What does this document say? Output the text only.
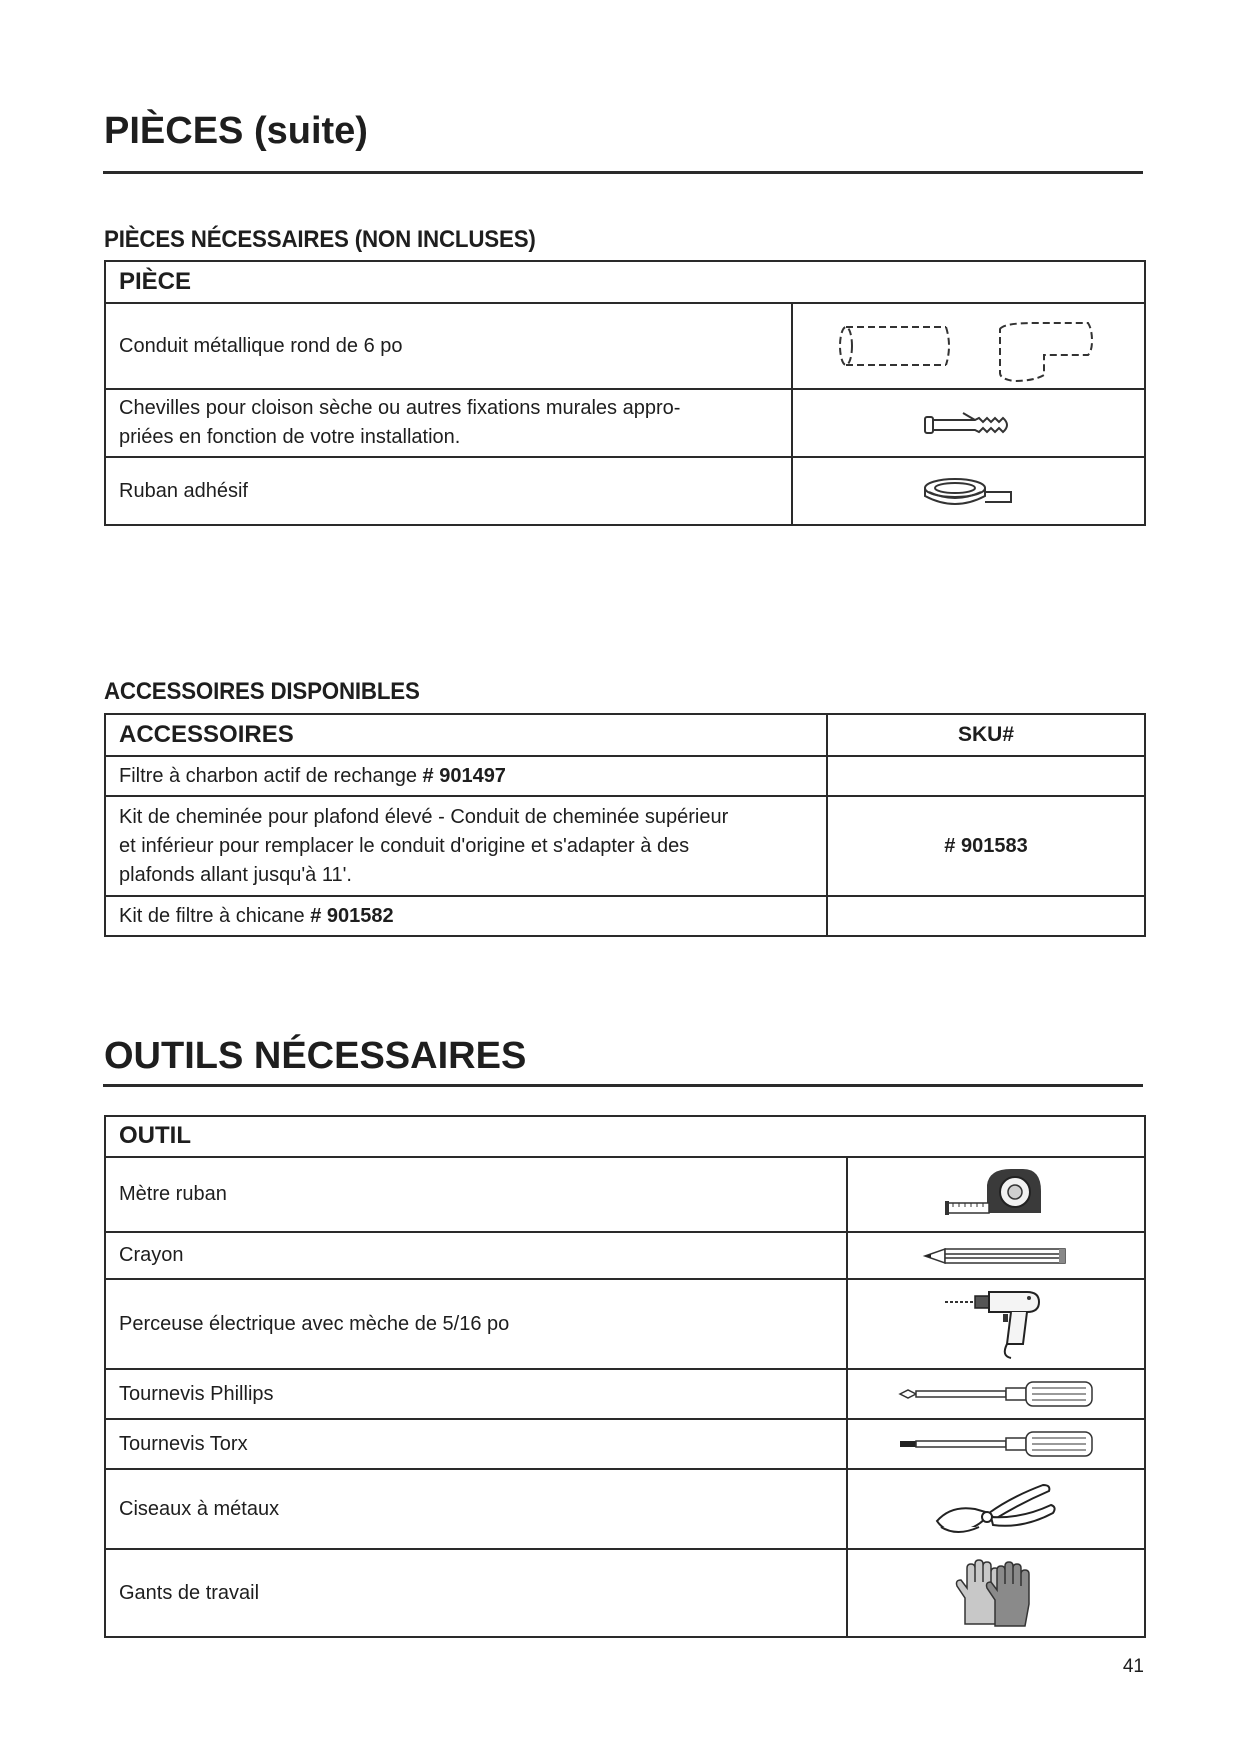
PIÈCES (suite)
PIÈCES NÉCESSAIRES (NON INCLUSES)
PIÈCE	
Conduit métallique rond de 6 po	

Chevilles pour cloison sèche ou autres fixations murales appro-
priées en fonction de votre installation.

Ruban adhésif	
ACCESSOIRES DISPONIBLES
ACCESSOIRES	SKU#
Filtre à charbon actif de rechange # 901497	

Kit de cheminée pour plafond élevé - Conduit de cheminée supérieur
et inférieur pour remplacer le conduit d'origine et s'adapter à des
plafonds allant jusqu'à 11'.	# 901583
Kit de filtre à chicane # 901582	
OUTILS NÉCESSAIRES
OUTIL	
Mètre ruban	

Crayon	

Perceuse électrique avec mèche de 5/16 po	

Tournevis Phillips	

Tournevis Torx	

Ciseaux à métaux	

Gants de travail	
41
